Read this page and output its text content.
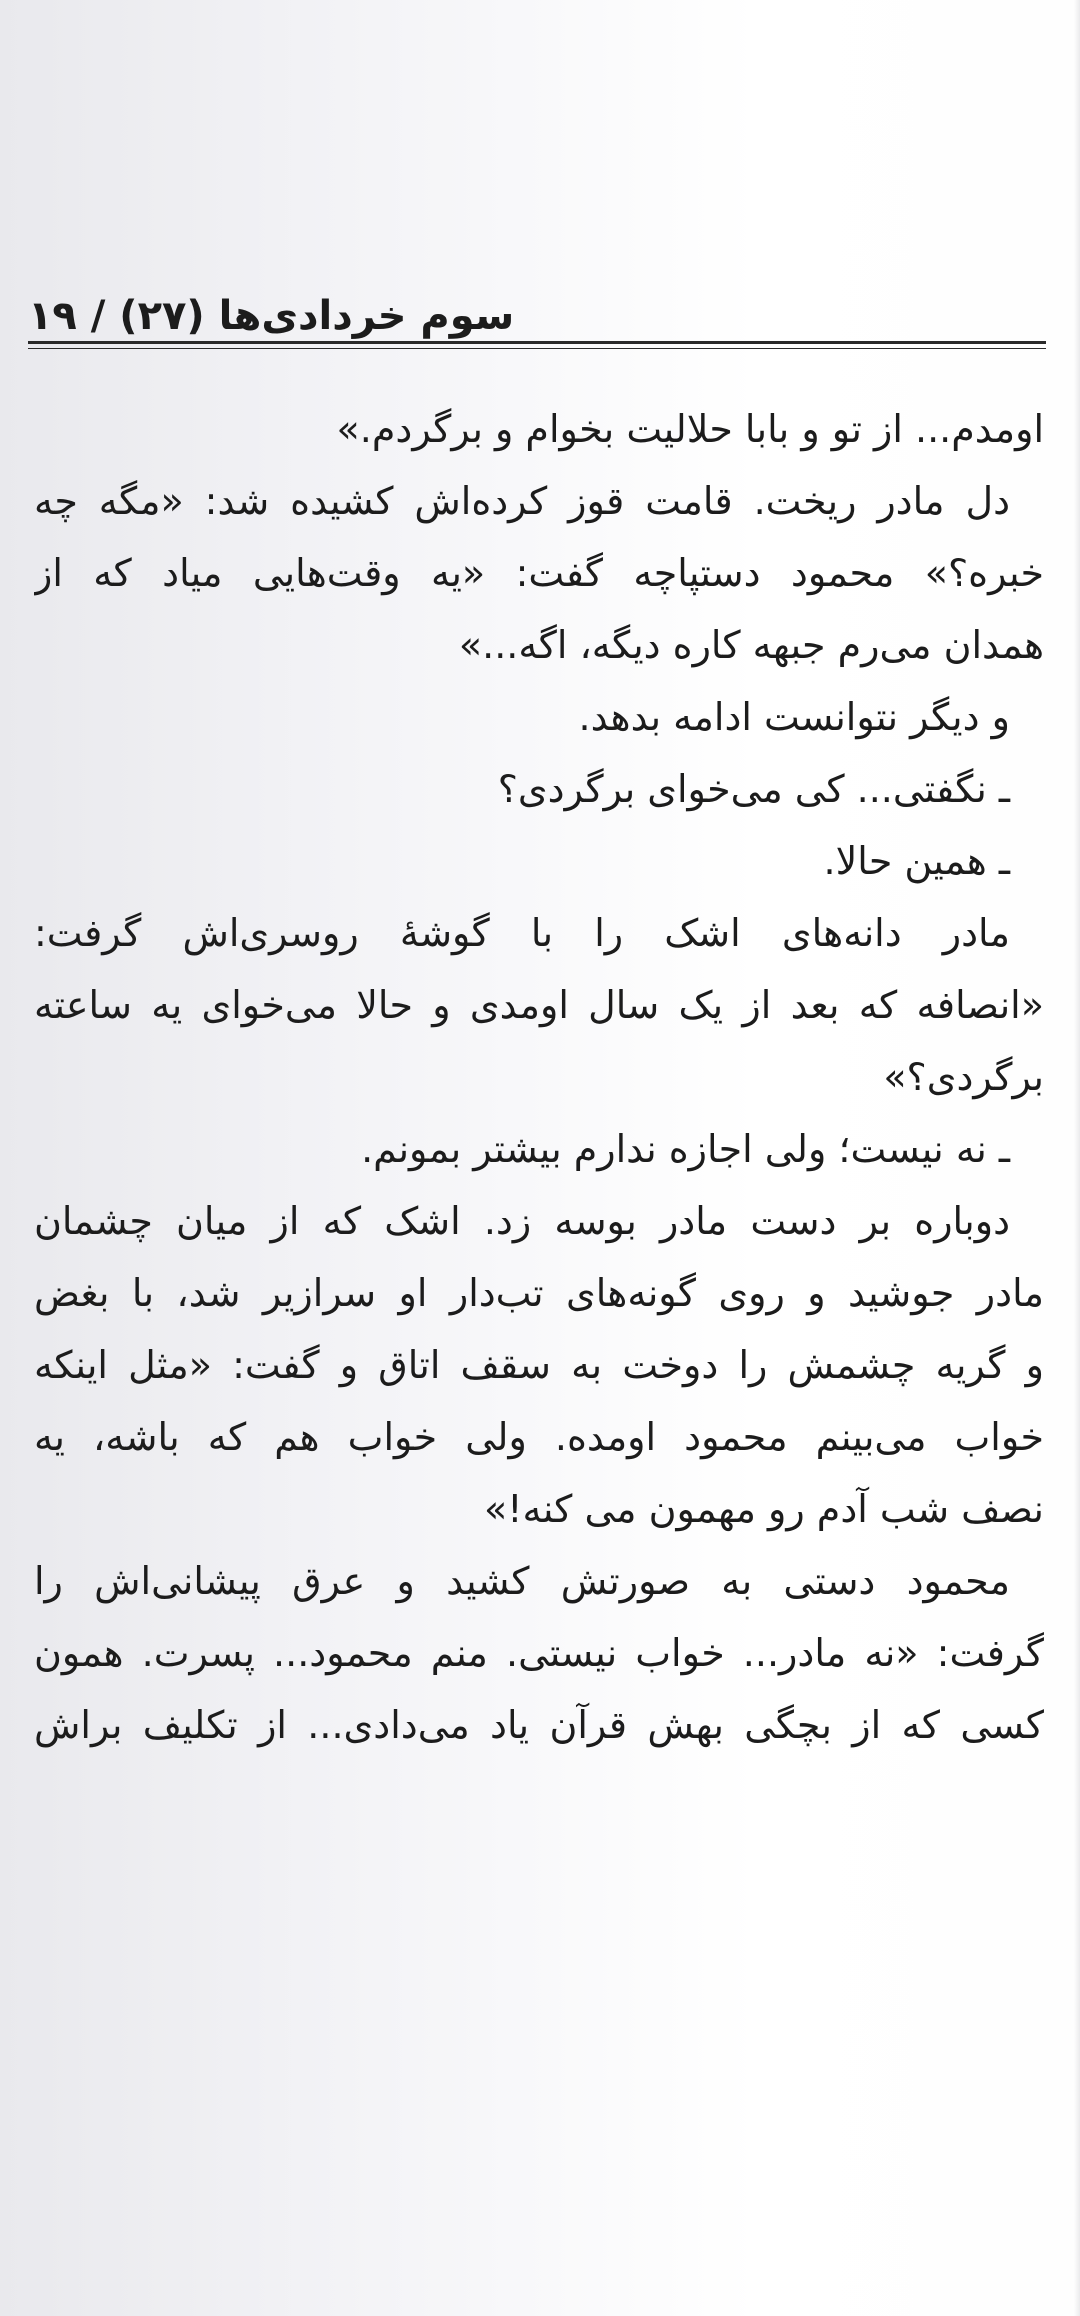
سوم خردادی‌ها (۲۷) / ۱۹
اومدم... از تو و بابا حلالیت بخوام و برگردم.»
دل مادر ریخت. قامت قوز کرده‌اش کشیده شد: «مگه چه
خبره؟» محمود دستپاچه گفت: «یه وقت‌هایی میاد که از
همدان می‌رم جبهه کاره دیگه، اگه...»
و دیگر نتوانست ادامه بدهد.
ـ نگفتی... کی می‌خوای برگردی؟
ـ همین حالا.
مادر دانه‌های اشک را با گوشهٔ روسری‌اش گرفت:
«انصافه که بعد از یک سال اومدی و حالا می‌خوای یه ساعته
برگردی؟»
ـ نه نیست؛ ولی اجازه ندارم بیشتر بمونم.
دوباره بر دست مادر بوسه زد. اشک که از میان چشمان
مادر جوشید و روی گونه‌های تب‌دار او سرازیر شد، با بغض
و گریه چشمش را دوخت به سقف اتاق و گفت: «مثل اینکه
خواب می‌بینم محمود اومده. ولی خواب هم که باشه، یه
نصف شب آدم رو مهمون می کنه!»
محمود دستی به صورتش کشید و عرق پیشانی‌اش را
گرفت: «نه مادر... خواب نیستی. منم محمود... پسرت. همون
کسی که از بچگی بهش قرآن یاد می‌دادی... از تکلیف براش
